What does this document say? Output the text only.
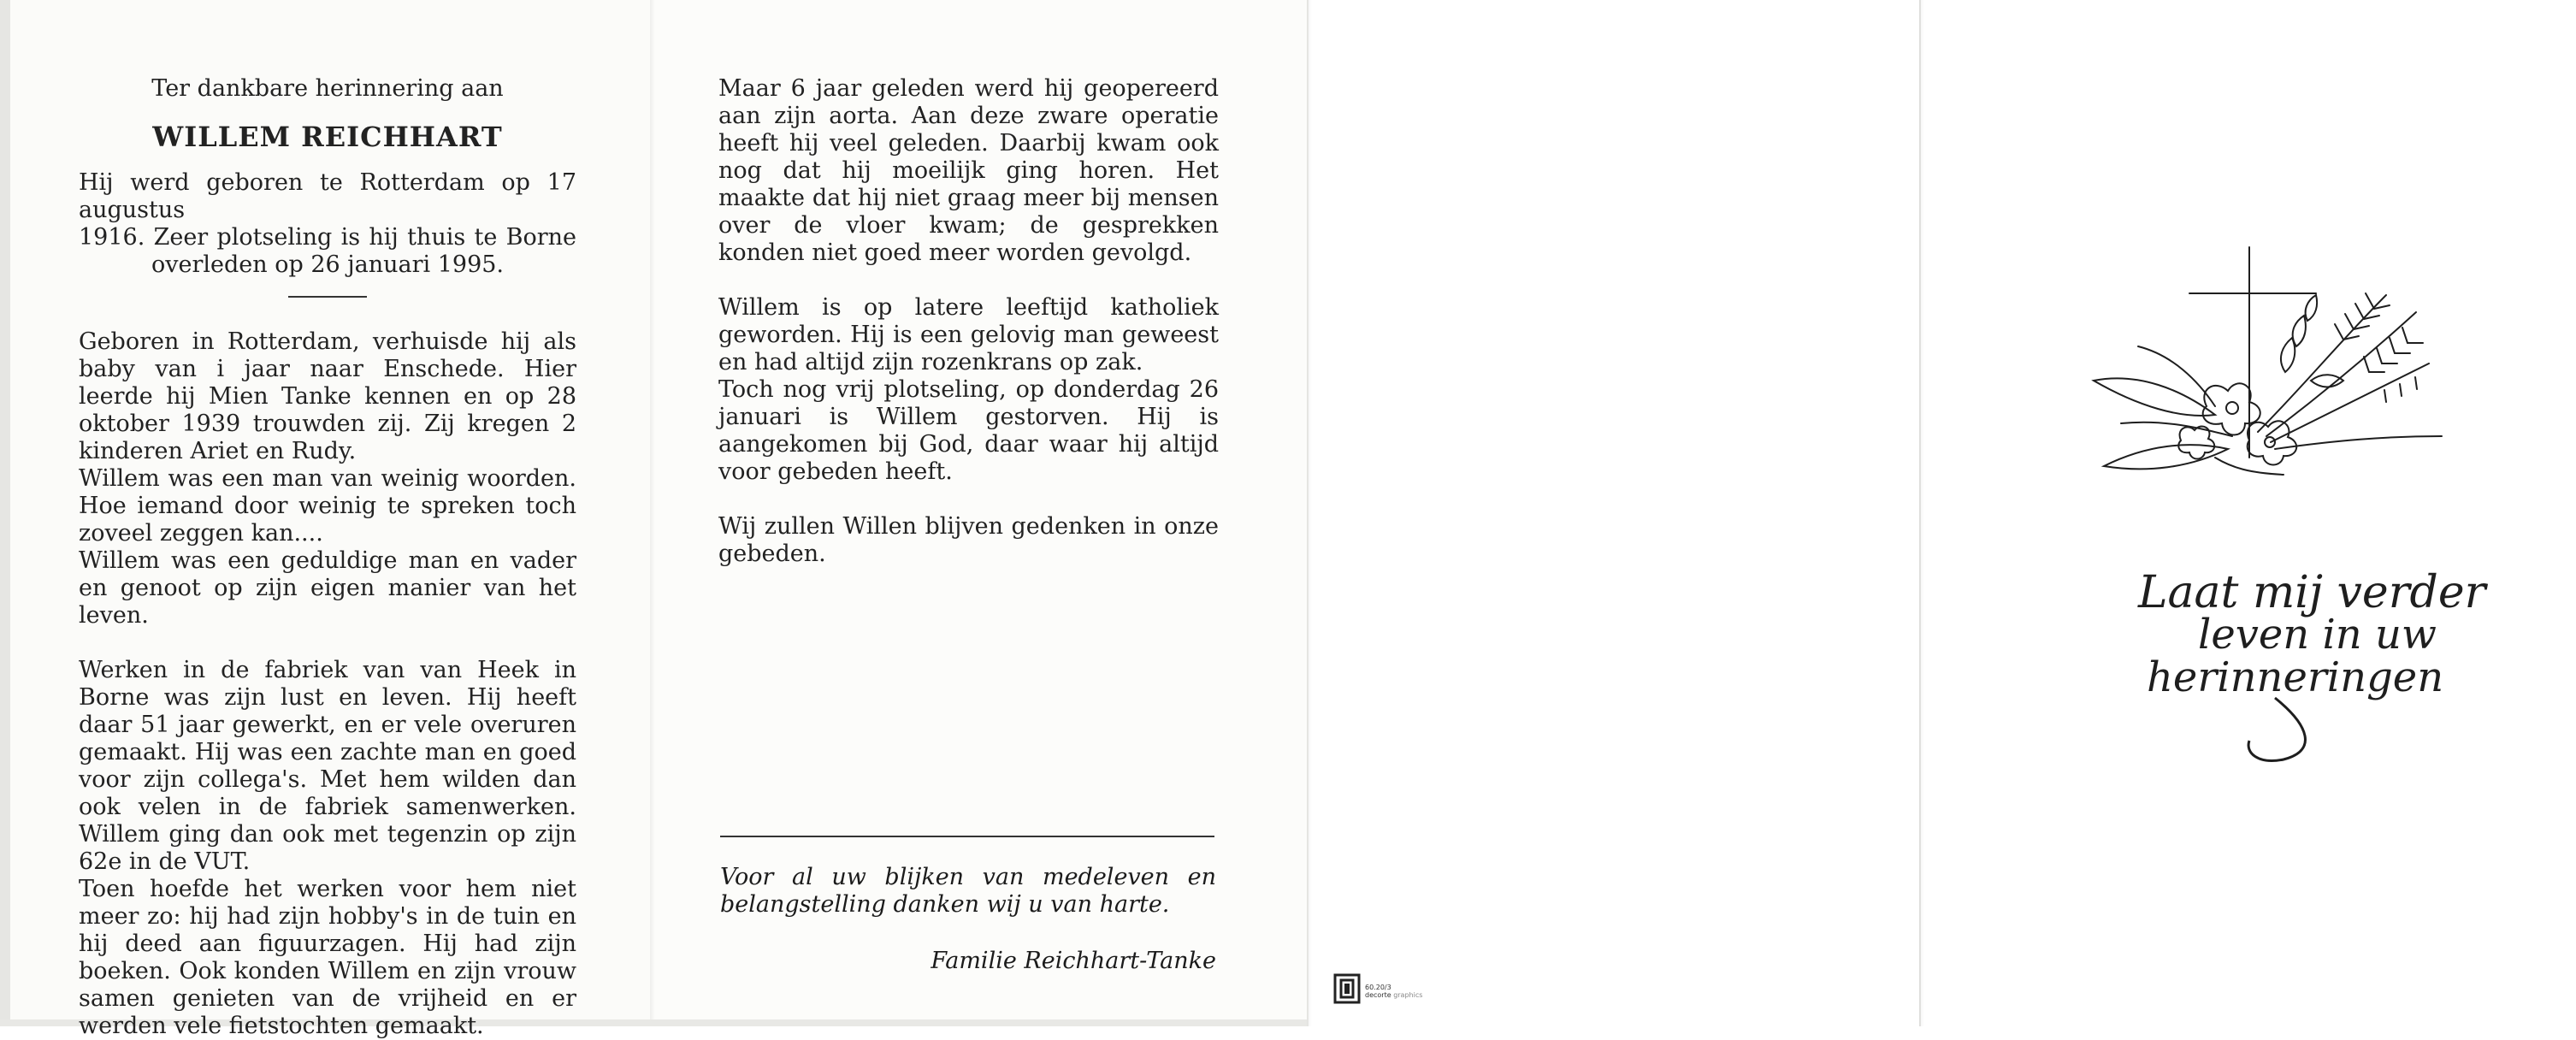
Ter dankbare herinnering aan

WILLEM REICHHART

Hij werd geboren te Rotterdam op 17 augustus
1916. Zeer plotseling is hij thuis te Borne
overleden op 26 januari 1995.

Geboren in Rotterdam, verhuisde hij als baby van i jaar naar Enschede. Hier leerde hij Mien Tanke kennen en op 28 oktober 1939 trouwden zij. Zij kregen 2 kinderen Ariet en Rudy.

Willem was een man van weinig woorden. Hoe iemand door weinig te spreken toch zoveel zeggen kan....

Willem was een geduldige man en vader en genoot op zijn eigen manier van het leven.

Werken in de fabriek van van Heek in Borne was zijn lust en leven. Hij heeft daar 51 jaar gewerkt, en er vele overuren gemaakt. Hij was een zachte man en goed voor zijn collega's. Met hem wilden dan ook velen in de fabriek samenwerken. Willem ging dan ook met tegenzin op zijn 62e in de VUT.

Toen hoefde het werken voor hem niet meer zo: hij had zijn hobby's in de tuin en hij deed aan figuurzagen. Hij had zijn boeken. Ook konden Willem en zijn vrouw samen genieten van de vrijheid en er werden vele fietstochten gemaakt.

Maar 6 jaar geleden werd hij geopereerd aan zijn aorta. Aan deze zware operatie heeft hij veel geleden. Daarbij kwam ook nog dat hij moeilijk ging horen. Het maakte dat hij niet graag meer bij mensen over de vloer kwam; de gesprekken konden niet goed meer worden gevolgd.

Willem is op latere leeftijd katholiek geworden. Hij is een gelovig man geweest en had altijd zijn rozenkrans op zak.

Toch nog vrij plotseling, op donderdag 26 januari is Willem gestorven. Hij is aangekomen bij God, daar waar hij altijd voor gebeden heeft.

Wij zullen Willen blijven gedenken in onze gebeden.

Voor al uw blijken van medeleven en belangstelling danken wij u van harte.
Familie Reichhart-Tanke
60.20/3
decorte graphics
Laat mij verder
leven in uw
herinneringen
